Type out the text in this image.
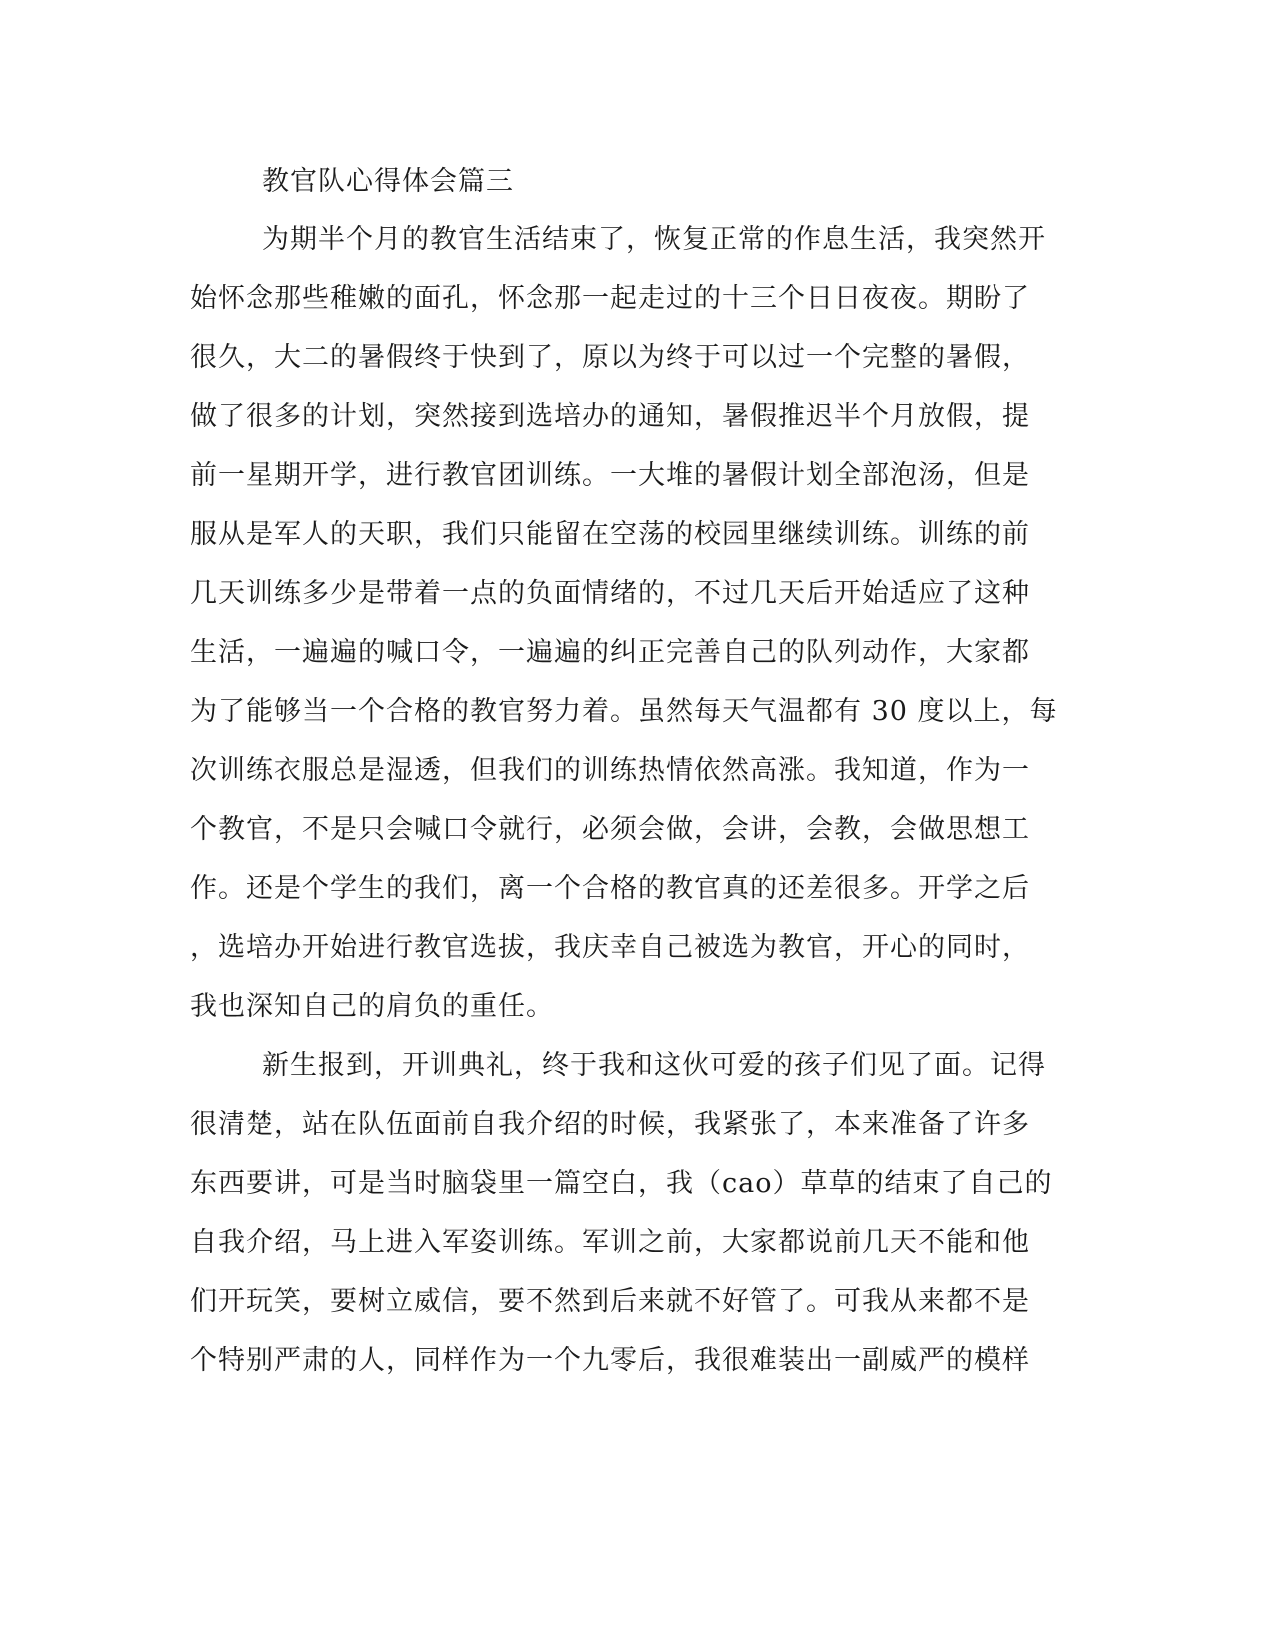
教官队心得体会篇三
为期半个月的教官生活结束了，恢复正常的作息生活，我突然开
始怀念那些稚嫩的面孔，怀念那一起走过的十三个日日夜夜。期盼了
很久，大二的暑假终于快到了，原以为终于可以过一个完整的暑假，
做了很多的计划，突然接到选培办的通知，暑假推迟半个月放假，提
前一星期开学，进行教官团训练。一大堆的暑假计划全部泡汤，但是
服从是军人的天职，我们只能留在空荡的校园里继续训练。训练的前
几天训练多少是带着一点的负面情绪的，不过几天后开始适应了这种
生活，一遍遍的喊口令，一遍遍的纠正完善自己的队列动作，大家都
为了能够当一个合格的教官努力着。虽然每天气温都有 30 度以上，每
次训练衣服总是湿透，但我们的训练热情依然高涨。我知道，作为一
个教官，不是只会喊口令就行，必须会做，会讲，会教，会做思想工
作。还是个学生的我们，离一个合格的教官真的还差很多。开学之后
，选培办开始进行教官选拔，我庆幸自己被选为教官，开心的同时，
我也深知自己的肩负的重任。
新生报到，开训典礼，终于我和这伙可爱的孩子们见了面。记得
很清楚，站在队伍面前自我介绍的时候，我紧张了，本来准备了许多
东西要讲，可是当时脑袋里一篇空白，我（cao）草草的结束了自己的
自我介绍，马上进入军姿训练。军训之前，大家都说前几天不能和他
们开玩笑，要树立威信，要不然到后来就不好管了。可我从来都不是
个特别严肃的人，同样作为一个九零后，我很难装出一副威严的模样
